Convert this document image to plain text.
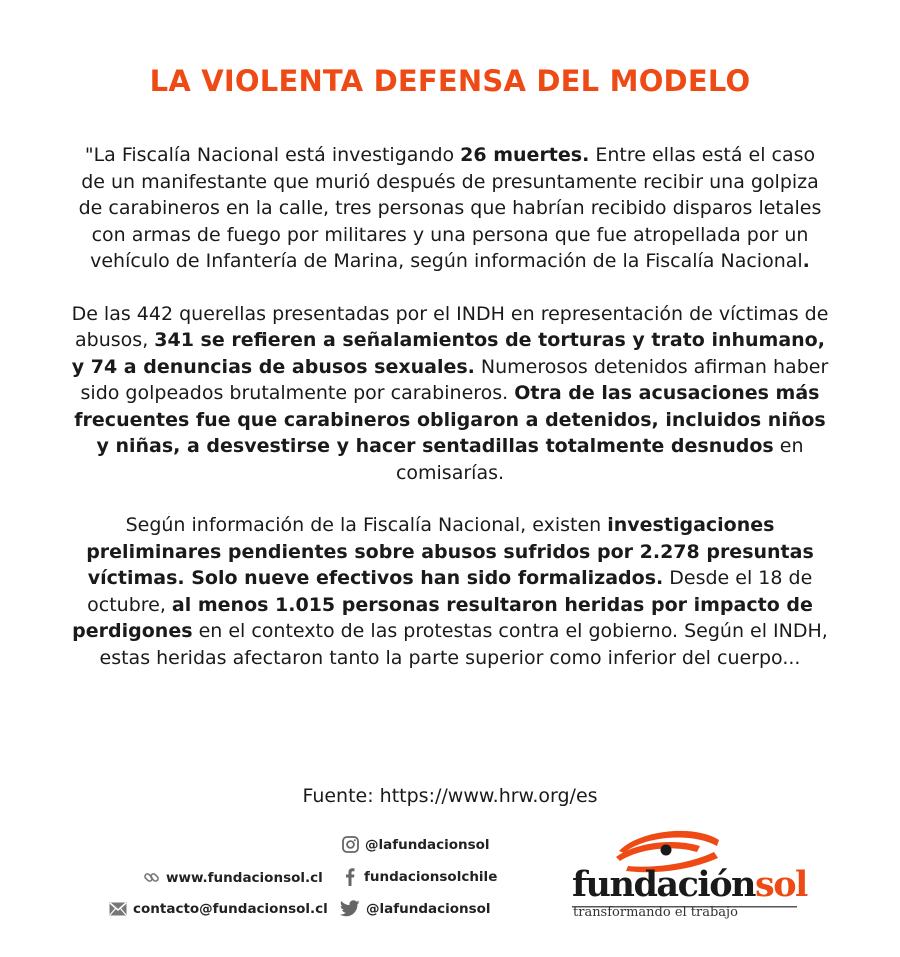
LA VIOLENTA DEFENSA DEL MODELO

"La Fiscalía Nacional está investigando 26 muertes. Entre ellas está el caso de un manifestante que murió después de presuntamente recibir una golpiza de carabineros en la calle, tres personas que habrían recibido disparos letales con armas de fuego por militares y una persona que fue atropellada por un vehículo de Infantería de Marina, según información de la Fiscalía Nacional.

De las 442 querellas presentadas por el INDH en representación de víctimas de abusos, 341 se refieren a señalamientos de torturas y trato inhumano, y 74 a denuncias de abusos sexuales. Numerosos detenidos afirman haber sido golpeados brutalmente por carabineros. Otra de las acusaciones más frecuentes fue que carabineros obligaron a detenidos, incluidos niños y niñas, a desvestirse y hacer sentadillas totalmente desnudos en comisarías.

Según información de la Fiscalía Nacional, existen investigaciones preliminares pendientes sobre abusos sufridos por 2.278 presuntas víctimas. Solo nueve efectivos han sido formalizados. Desde el 18 de octubre, al menos 1.015 personas resultaron heridas por impacto de perdigones en el contexto de las protestas contra el gobierno. Según el INDH, estas heridas afectaron tanto la parte superior como inferior del cuerpo...

Fuente: https://www.hrw.org/es
www.fundacionsol.cl
contacto@fundacionsol.cl
@lafundacionsol
fundacionsolchile
@lafundacionsol
fundaciónsol
transformando el trabajo
